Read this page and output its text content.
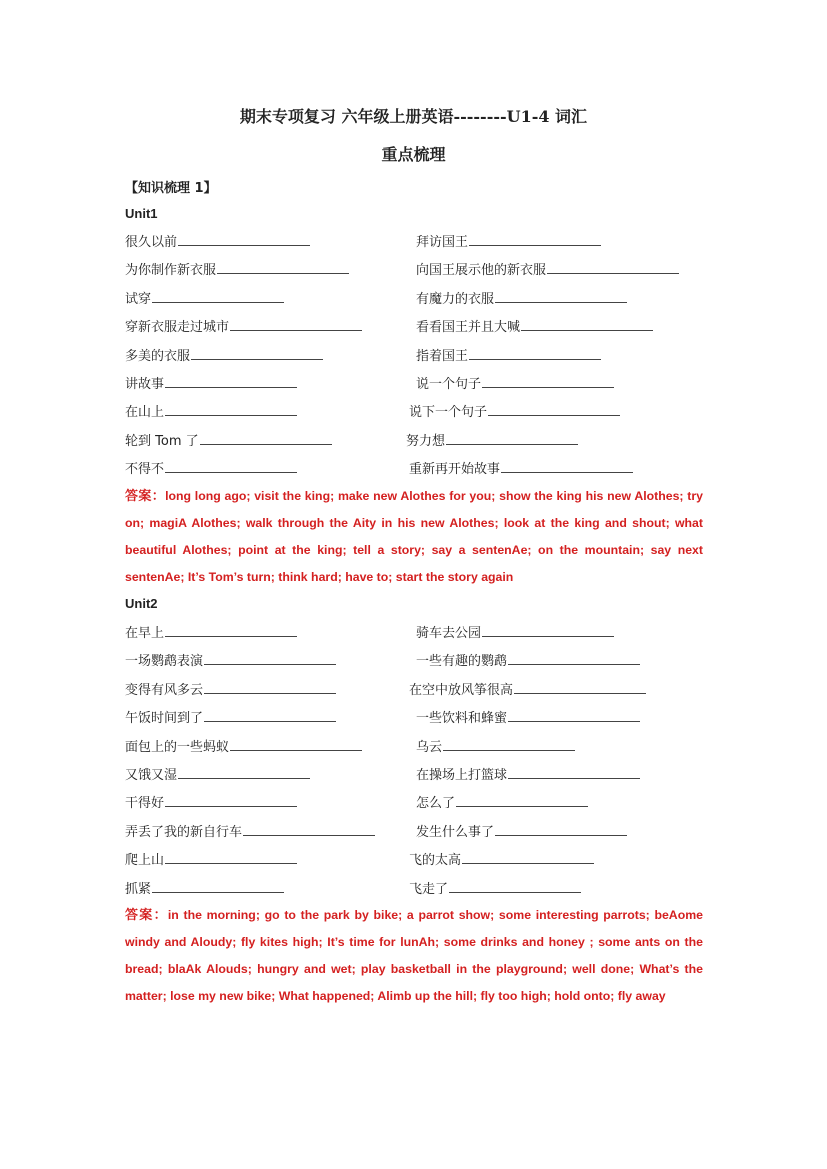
期末专项复习 六年级上册英语--------U1-4 词汇
重点梳理
【知识梳理 1】
Unit1
很久以前	拜访国王
为你制作新衣服	向国王展示他的新衣服
试穿	有魔力的衣服
穿新衣服走过城市	看看国王并且大喊
多美的衣服	指着国王
讲故事	说一个句子
在山上	说下一个句子
轮到 Tom 了	努力想
不得不	重新再开始故事
答案：long long ago; visit the king; make new Alothes for you; show the king his new Alothes; try on; magiA Alothes; walk through the Aity in his new Alothes; look at the king and shout; what beautiful Alothes; point at the king; tell a story; say a sentenAe; on the mountain; say next sentenAe; It’s Tom’s turn; think hard; have to; start the story again
Unit2
在早上	骑车去公园
一场鹦鹉表演	一些有趣的鹦鹉
变得有风多云	在空中放风筝很高
午饭时间到了	一些饮料和蜂蜜
面包上的一些蚂蚁	乌云
又饿又湿	在操场上打篮球
干得好	怎么了
弄丢了我的新自行车	发生什么事了
爬上山	飞的太高
抓紧	飞走了
答案：in the morning; go to the park by bike; a parrot show; some interesting parrots; beAome windy and Aloudy; fly kites high; It’s time for lunAh; some drinks and honey ; some ants on the bread; blaAk Alouds; hungry and wet; play basketball in the playground; well done; What’s the matter; lose my new bike; What happened; Alimb up the hill; fly too high; hold onto; fly away
